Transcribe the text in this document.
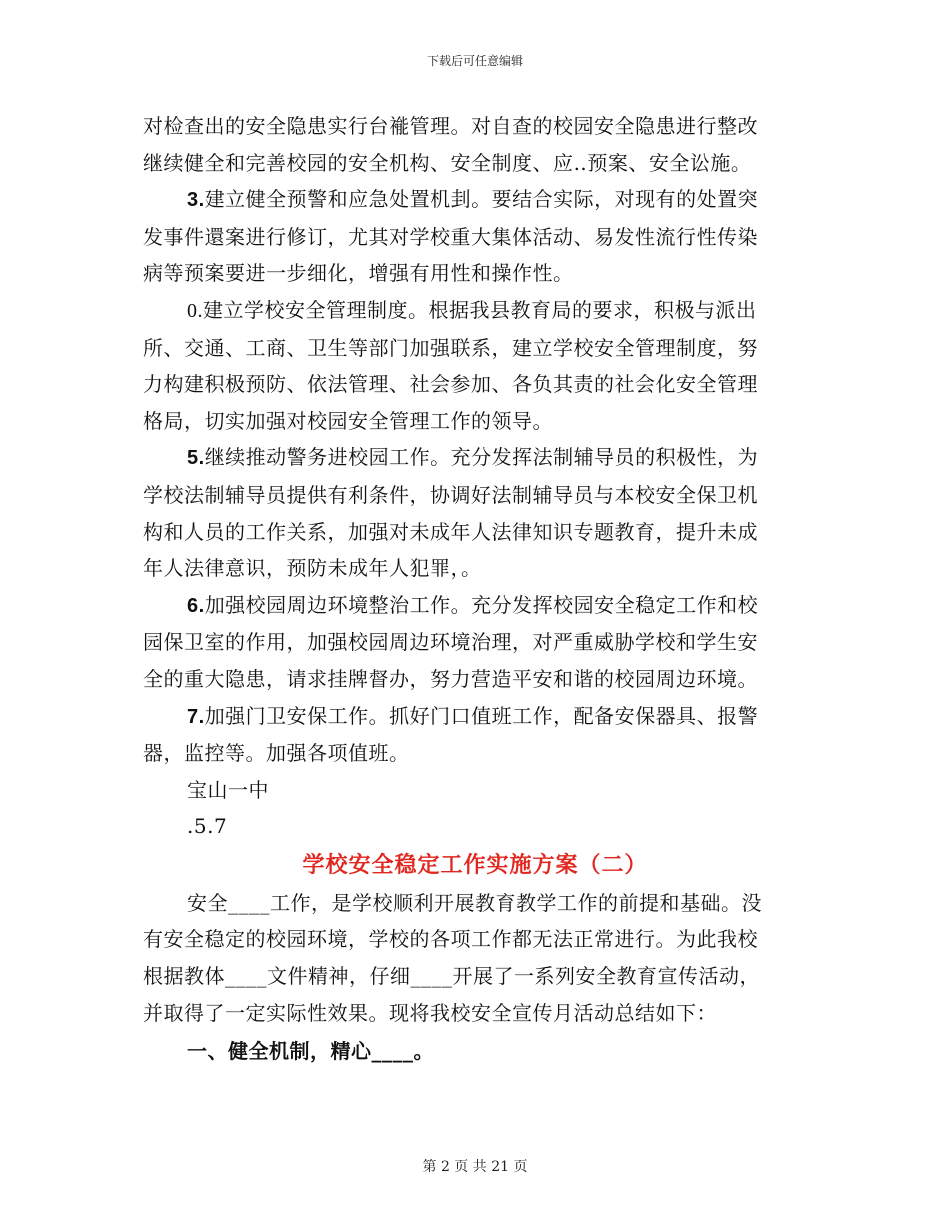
下载后可任意编辑

对检查出的安全隐患实行台褦管理。对自查的校园安全隐患进行整改
继续健全和完善校园的安全机构、安全制度、应‥预案、安全讼施。

3.建立健全预警和应急处置机刲。要结合实际，对现有的处置突
发事件還案进行修订，尤其对学校重大集体活动、易发性流行性传染
病等预案要进一步细化，增强有用性和操作性。

0.建立学校安全管理制度。根据我县教育局的要求，积极与派出
所、交通、工商、卫生等部门加强联系，建立学校安全管理制度，努
力构建积极预防、依法管理、社会参加、各负其责的社会化安全管理
格局，切实加强对校园安全管理工作的领导。

5.继续推动警务进校园工作。充分发挥法制辅导员的积极性，为
学校法制辅导员提供有利条件，协调好法制辅导员与本校安全保卫机
构和人员的工作关系，加强对未成年人法律知识专题教育，提升未成
年人法律意识，预防未成年人犯罪，。

6.加强校园周边环境整治工作。充分发挥校园安全稳定工作和校
园保卫室的作用，加强校园周边环境治理，对严重威胁学校和学生安
全的重大隐患，请求挂牌督办，努力营造平安和谐的校园周边环境。

7.加强门卫安保工作。抓好门口值班工作，配备安保器具、报警
器，监控等。加强各项值班。

宝山一中

.5.7

学校安全稳定工作实施方案（二）

安全____工作，是学校顺利开展教育教学工作的前提和基础。没
有安全稳定的校园环境，学校的各项工作都无法正常进行。为此我校
根据教体____文件精神，仔细____开展了一系列安全教育宣传活动，
并取得了一定实际性效果。现将我校安全宣传月活动总结如下：

一、健全机制，精心____。

第 2 页 共 21 页
